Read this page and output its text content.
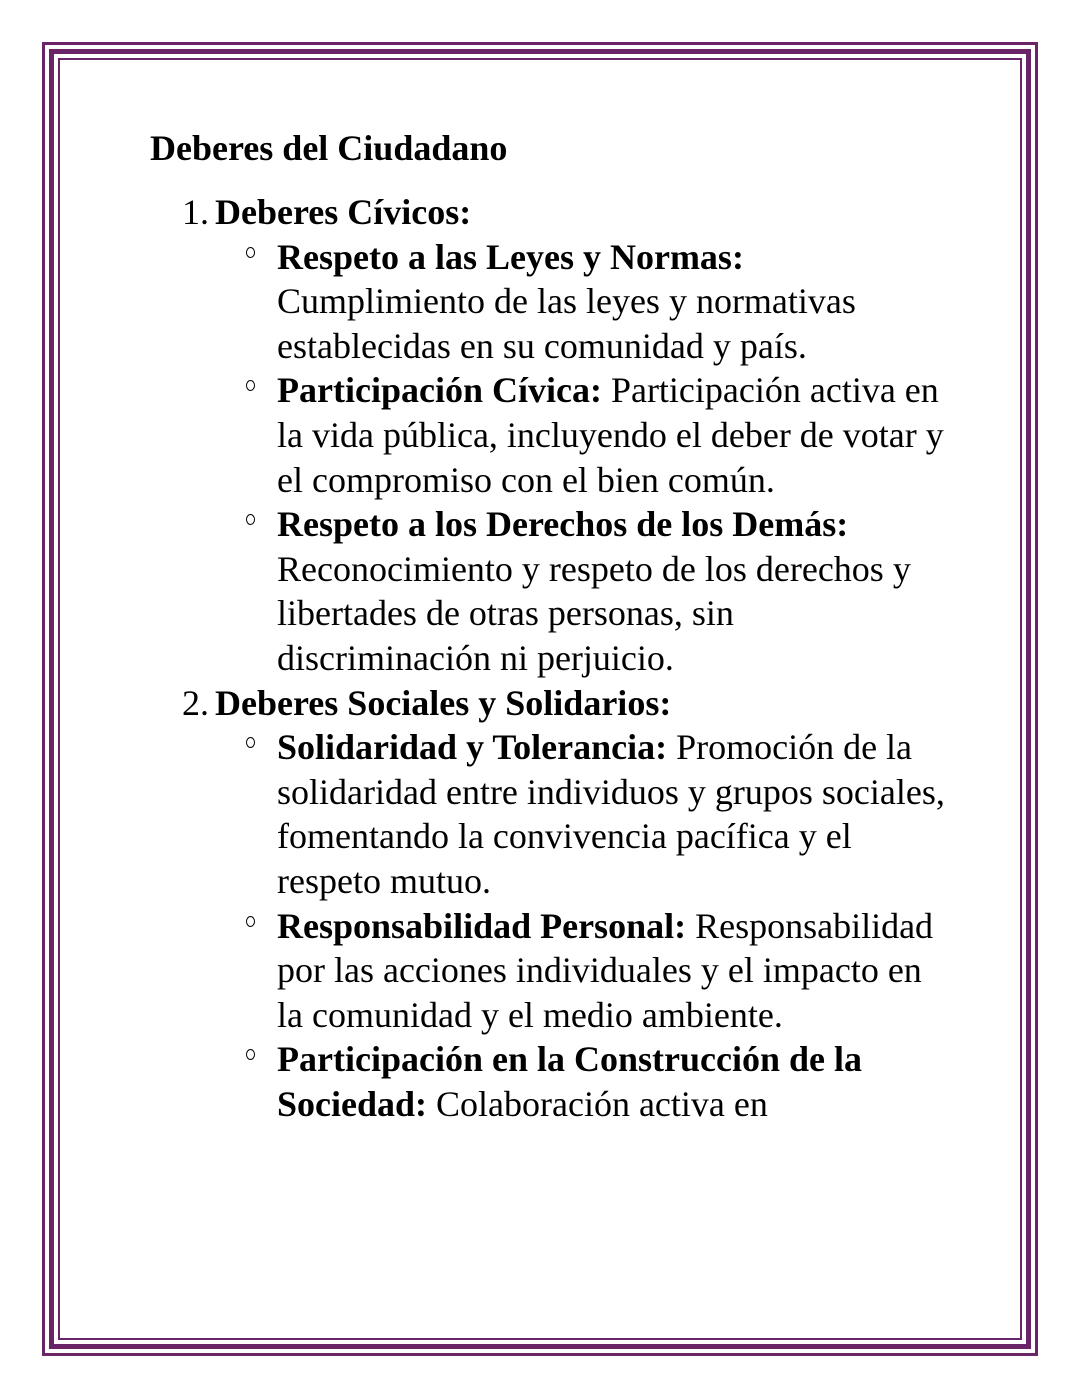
Deberes del Ciudadano

1. Deberes Cívicos:

Respeto a las Leyes y Normas: Cumplimiento de las leyes y normativas establecidas en su comunidad y país.
Participación Cívica: Participación activa en la vida pública, incluyendo el deber de votar y el compromiso con el bien común.
Respeto a los Derechos de los Demás: Reconocimiento y respeto de los derechos y libertades de otras personas, sin discriminación ni perjuicio.

2. Deberes Sociales y Solidarios:

Solidaridad y Tolerancia: Promoción de la solidaridad entre individuos y grupos sociales, fomentando la convivencia pacífica y el respeto mutuo.
Responsabilidad Personal: Responsabilidad por las acciones individuales y el impacto en la comunidad y el medio ambiente.
Participación en la Construcción de la Sociedad: Colaboración activa en
